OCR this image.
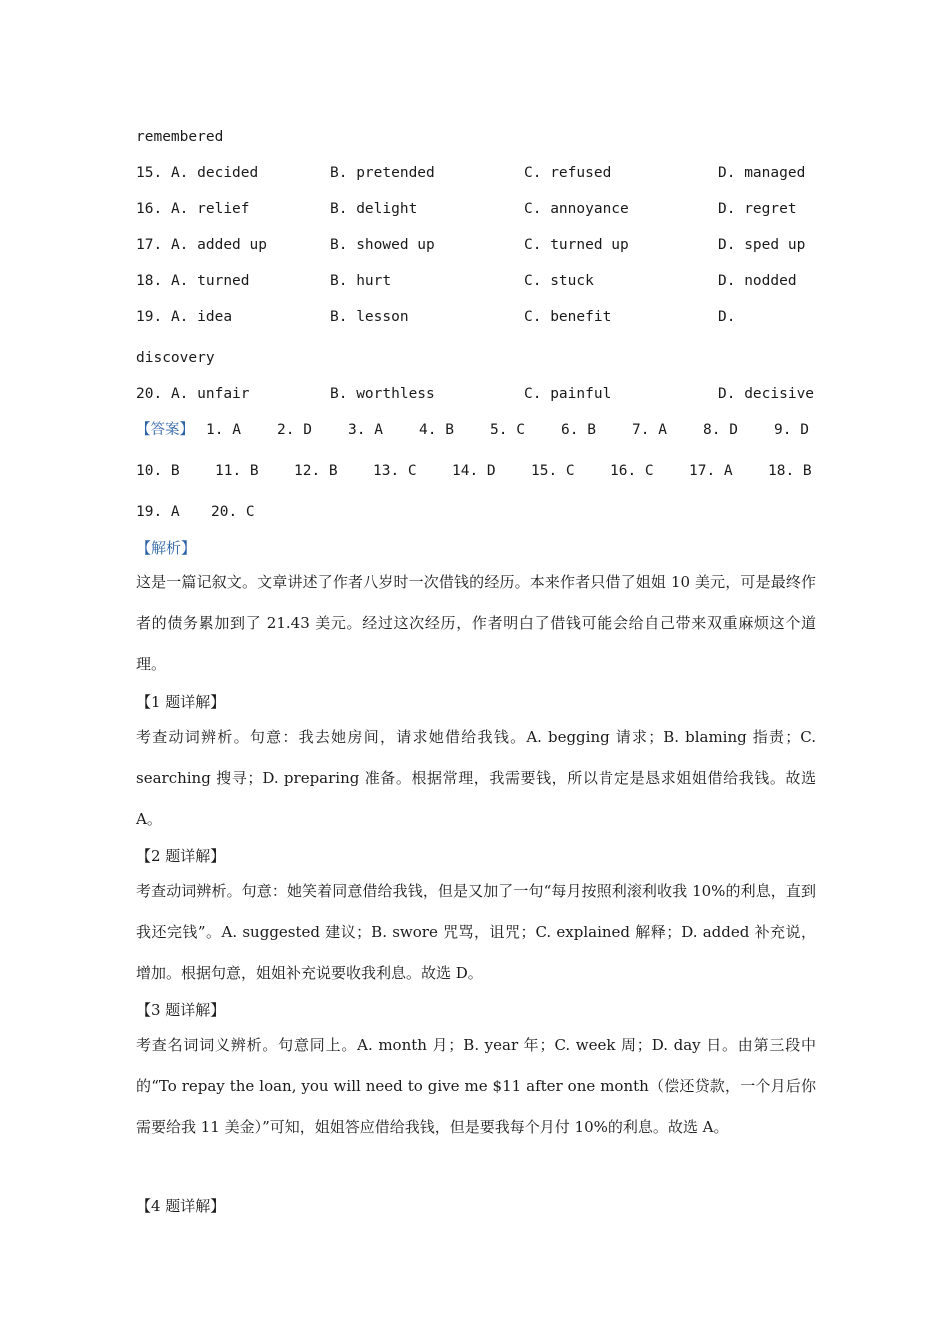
remembered
15. A. decided	B. pretended	C. refused	D. managed
16. A. relief	B. delight	C. annoyance	D. regret
17. A. added up	B. showed up	C. turned up	D. sped up
18. A. turned	B. hurt	C. stuck	D. nodded
19. A. idea	B. lesson	C. benefit	D.
discovery
20. A. unfair	B. worthless	C. painful	D. decisive
【答案】 1. A 2. D 3. A 4. B 5. C 6. B 7. A 8. D 9. D
10. B 11. B 12. B 13. C 14. D 15. C 16. C 17. A 18. B
19. A 20. C
【解析】
这是一篇记叙文。文章讲述了作者八岁时一次借钱的经历。本来作者只借了姐姐 10 美元，可是最终作者的债务累加到了 21.43 美元。经过这次经历，作者明白了借钱可能会给自己带来双重麻烦这个道理。
【1 题详解】
考查动词辨析。句意：我去她房间，请求她借给我钱。A. begging 请求；B. blaming 指责；C. searching 搜寻；D. preparing 准备。根据常理，我需要钱，所以肯定是恳求姐姐借给我钱。故选 A。
【2 题详解】
考查动词辨析。句意：她笑着同意借给我钱，但是又加了一句“每月按照利滚利收我 10%的利息，直到我还完钱”。A. suggested 建议；B. swore 咒骂，诅咒；C. explained 解释；D. added 补充说，增加。根据句意，姐姐补充说要收我利息。故选 D。
【3 题详解】
考查名词词义辨析。句意同上。A. month 月；B. year 年；C. week 周；D. day 日。由第三段中的“To repay the loan, you will need to give me $11 after one month（偿还贷款，一个月后你需要给我 11 美金）”可知，姐姐答应借给我钱，但是要我每个月付 10%的利息。故选 A。
【4 题详解】
